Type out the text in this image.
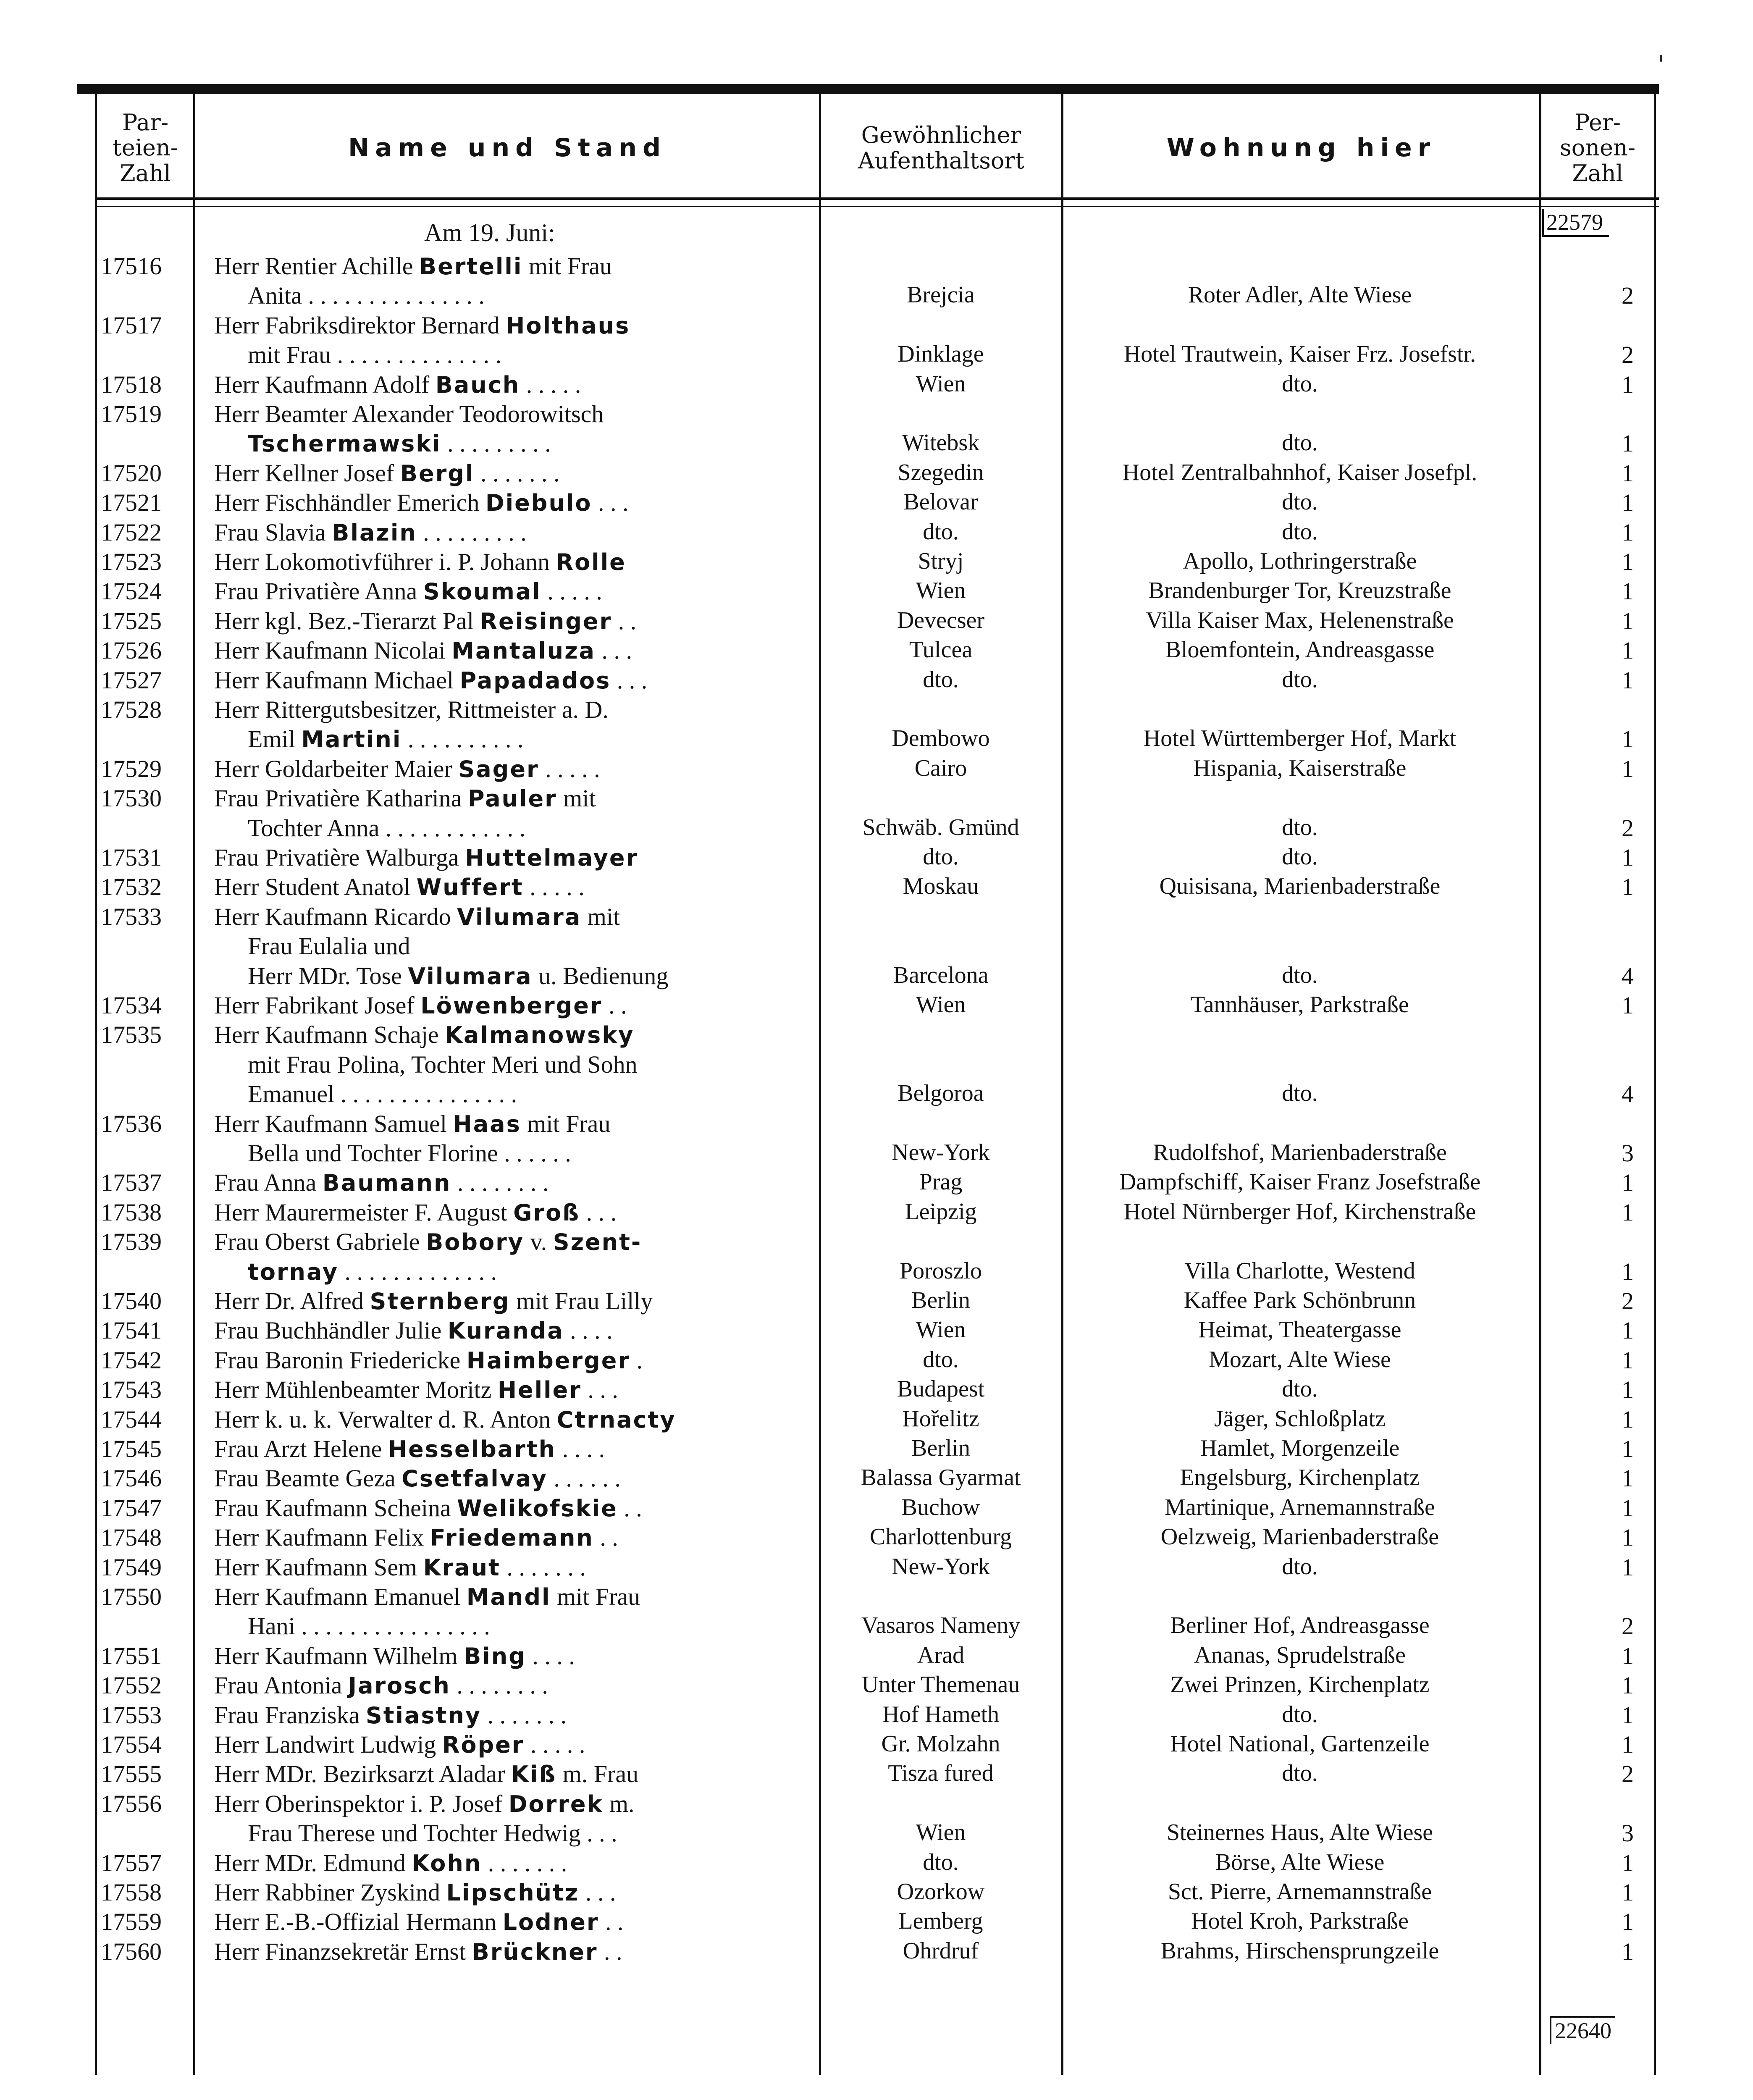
Par-
teien-
Zahl
Name und Stand	Gewöhnlicher
Aufenthaltsort	Wohnung hier
Per-
sonen-
Zahl
22579
Am 19. Juni:
17516	Herr Rentier Achille Bertelli mit Frau
Anita . . . . . . . . . . . . . . .	Brejcia	Roter Adler, Alte Wiese	2
17517	Herr Fabriksdirektor Bernard Holthaus
mit Frau . . . . . . . . . . . . . .	Dinklage	Hotel Trautwein, Kaiser Frz. Josefstr.	2
17518	Herr Kaufmann Adolf Bauch . . . . .	Wien	dto.	1
17519	Herr Beamter Alexander Teodorowitsch
Tschermawski . . . . . . . . .	Witebsk	dto.	1
17520	Herr Kellner Josef Bergl . . . . . . .	Szegedin	Hotel Zentralbahnhof, Kaiser Josefpl.	1
17521	Herr Fischhändler Emerich Diebulo . . .	Belovar	dto.	1
17522	Frau Slavia Blazin . . . . . . . . .	dto.	dto.	1
17523	Herr Lokomotivführer i. P. Johann Rolle	Stryj	Apollo, Lothringerstraße	1
17524	Frau Privatière Anna Skoumal . . . . .	Wien	Brandenburger Tor, Kreuzstraße	1
17525	Herr kgl. Bez.-Tierarzt Pal Reisinger . .	Devecser	Villa Kaiser Max, Helenenstraße	1
17526	Herr Kaufmann Nicolai Mantaluza . . .	Tulcea	Bloemfontein, Andreasgasse	1
17527	Herr Kaufmann Michael Papadados . . .	dto.	dto.	1
17528	Herr Rittergutsbesitzer, Rittmeister a. D.
Emil Martini . . . . . . . . . .	Dembowo	Hotel Württemberger Hof, Markt	1
17529	Herr Goldarbeiter Maier Sager . . . . .	Cairo	Hispania, Kaiserstraße	1
17530	Frau Privatière Katharina Pauler mit
Tochter Anna . . . . . . . . . . . .	Schwäb. Gmünd	dto.	2
17531	Frau Privatière Walburga Huttelmayer	dto.	dto.	1
17532	Herr Student Anatol Wuffert . . . . .	Moskau	Quisisana, Marienbaderstraße	1
17533	Herr Kaufmann Ricardo Vilumara mit
Frau Eulalia und
Herr MDr. Tose Vilumara u. Bedienung	Barcelona	dto.	4
17534	Herr Fabrikant Josef Löwenberger . .	Wien	Tannhäuser, Parkstraße	1
17535	Herr Kaufmann Schaje Kalmanowsky
mit Frau Polina, Tochter Meri und Sohn
Emanuel . . . . . . . . . . . . . . .	Belgoroa	dto.	4
17536	Herr Kaufmann Samuel Haas mit Frau
Bella und Tochter Florine . . . . . .	New-York	Rudolfshof, Marienbaderstraße	3
17537	Frau Anna Baumann . . . . . . . .	Prag	Dampfschiff, Kaiser Franz Josefstraße	1
17538	Herr Maurermeister F. August Groß . . .	Leipzig	Hotel Nürnberger Hof, Kirchenstraße	1
17539	Frau Oberst Gabriele Bobory v. Szent-
tornay . . . . . . . . . . . . .	Poroszlo	Villa Charlotte, Westend	1
17540	Herr Dr. Alfred Sternberg mit Frau Lilly	Berlin	Kaffee Park Schönbrunn	2
17541	Frau Buchhändler Julie Kuranda . . . .	Wien	Heimat, Theatergasse	1
17542	Frau Baronin Friedericke Haimberger .	dto.	Mozart, Alte Wiese	1
17543	Herr Mühlenbeamter Moritz Heller . . .	Budapest	dto.	1
17544	Herr k. u. k. Verwalter d. R. Anton Ctrnacty	Hořelitz	Jäger, Schloßplatz	1
17545	Frau Arzt Helene Hesselbarth . . . .	Berlin	Hamlet, Morgenzeile	1
17546	Frau Beamte Geza Csetfalvay . . . . . .	Balassa Gyarmat	Engelsburg, Kirchenplatz	1
17547	Frau Kaufmann Scheina Welikofskie . .	Buchow	Martinique, Arnemannstraße	1
17548	Herr Kaufmann Felix Friedemann . .	Charlottenburg	Oelzweig, Marienbaderstraße	1
17549	Herr Kaufmann Sem Kraut . . . . . . .	New-York	dto.	1
17550	Herr Kaufmann Emanuel Mandl mit Frau
Hani . . . . . . . . . . . . . . . .	Vasaros Nameny	Berliner Hof, Andreasgasse	2
17551	Herr Kaufmann Wilhelm Bing . . . .	Arad	Ananas, Sprudelstraße	1
17552	Frau Antonia Jarosch . . . . . . . .	Unter Themenau	Zwei Prinzen, Kirchenplatz	1
17553	Frau Franziska Stiastny . . . . . . .	Hof Hameth	dto.	1
17554	Herr Landwirt Ludwig Röper . . . . .	Gr. Molzahn	Hotel National, Gartenzeile	1
17555	Herr MDr. Bezirksarzt Aladar Kiß m. Frau	Tisza fured	dto.	2
17556	Herr Oberinspektor i. P. Josef Dorrek m.
Frau Therese und Tochter Hedwig . . .	Wien	Steinernes Haus, Alte Wiese	3
17557	Herr MDr. Edmund Kohn . . . . . . .	dto.	Börse, Alte Wiese	1
17558	Herr Rabbiner Zyskind Lipschütz . . .	Ozorkow	Sct. Pierre, Arnemannstraße	1
17559	Herr E.-B.-Offizial Hermann Lodner . .	Lemberg	Hotel Kroh, Parkstraße	1
17560	Herr Finanzsekretär Ernst Brückner . .	Ohrdruf	Brahms, Hirschensprungzeile	1
22640
